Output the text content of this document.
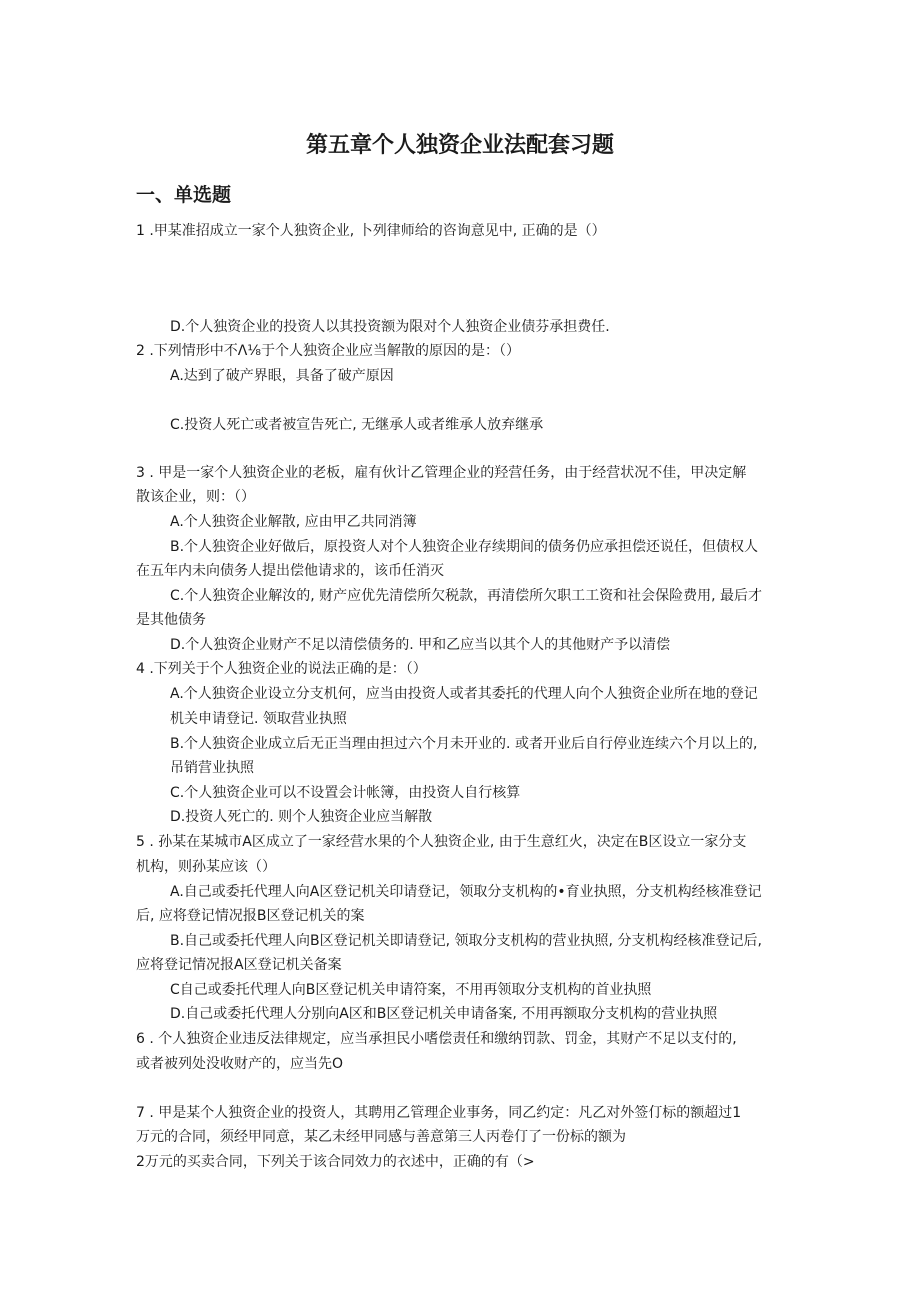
第五章个人独资企业法配套习题
一、单选题
1 .甲某准招成立一家个人独资企业, 卜列律师给的咨询意见中, 正确的是（）
D.个人独资企业的投资人以其投资额为限对个人独资企业债芬承担费任.
2 .下列情形中不Λ⅛于个人独资企业应当解散的原因的是：（）
A.达到了破产界眼，具备了破产原因
C.投资人死亡或者被宣告死亡, 无继承人或者维承人放弃继承
3 . 甲是一家个人独资企业的老板，雇有伙计乙管理企业的羟营任务，由于经营状况不佳，甲决定解
散该企业，则：（）
A.个人独资企业解散, 应由甲乙共同消簿
B.个人独资企业好做后，原投资人对个人独资企业存续期间的债务仍应承担偿还说任，但债权人
在五年内未向债务人提出偿他请求的，该币任消灭
C.个人独资企业解汝的, 财产应优先清偿所欠税款，再清偿所欠职工工资和社会保险费用, 最后才
是其他债务
D.个人独资企业财产不足以清偿债务的. 甲和乙应当以其个人的其他财产予以清偿
4 .下列关于个人独资企业的说法正确的是：（）
A.个人独资企业设立分支机何，应当由投资人或者其委托的代理人向个人独资企业所在地的登记
机关申请登记. 领取营业执照
B.个人独资企业成立后无正当理由担过六个月未开业的. 或者开业后自行停业连续六个月以上的,
吊销营业执照
C.个人独资企业可以不设置会计帐簿，由投资人自行核算
D.投资人死亡的. 则个人独资企业应当解散
5 . 孙某在某城市A区成立了一家经营水果的个人独资企业, 由于生意红火，决定在B区设立一家分支
机构，则孙某应该（）
A.自己或委托代理人向A区登记机关印请登记，领取分支机构的•育业执照，分支机构经核准登记
后, 应将登记情况报B区登记机关的案
B.自己或委托代理人向B区登记机关即请登记, 领取分支机构的营业执照, 分支机构经核准登记后,
应将登记情况报A区登记机关备案
C自己或委托代理人向B区登记机关申请符案，不用再领取分支机构的首业执照
D.自己或委托代理人分别向A区和B区登记机关申请备案, 不用再额取分支机构的营业执照
6 . 个人独资企业违反法律规定，应当承担民小嗜偿责任和缴纳罚款、罚金，其财产不足以支付的,
或者被列处没收财产的，应当先O
7 . 甲是某个人独资企业的投资人，其聘用乙管理企业事务，同乙约定：凡乙对外签仃标的额超过1
万元的合同，须经甲同意，某乙未经甲同感与善意第三人丙卷仃了一份标的额为
2万元的买卖合同，下列关于该合同效力的衣述中，正确的有（>
